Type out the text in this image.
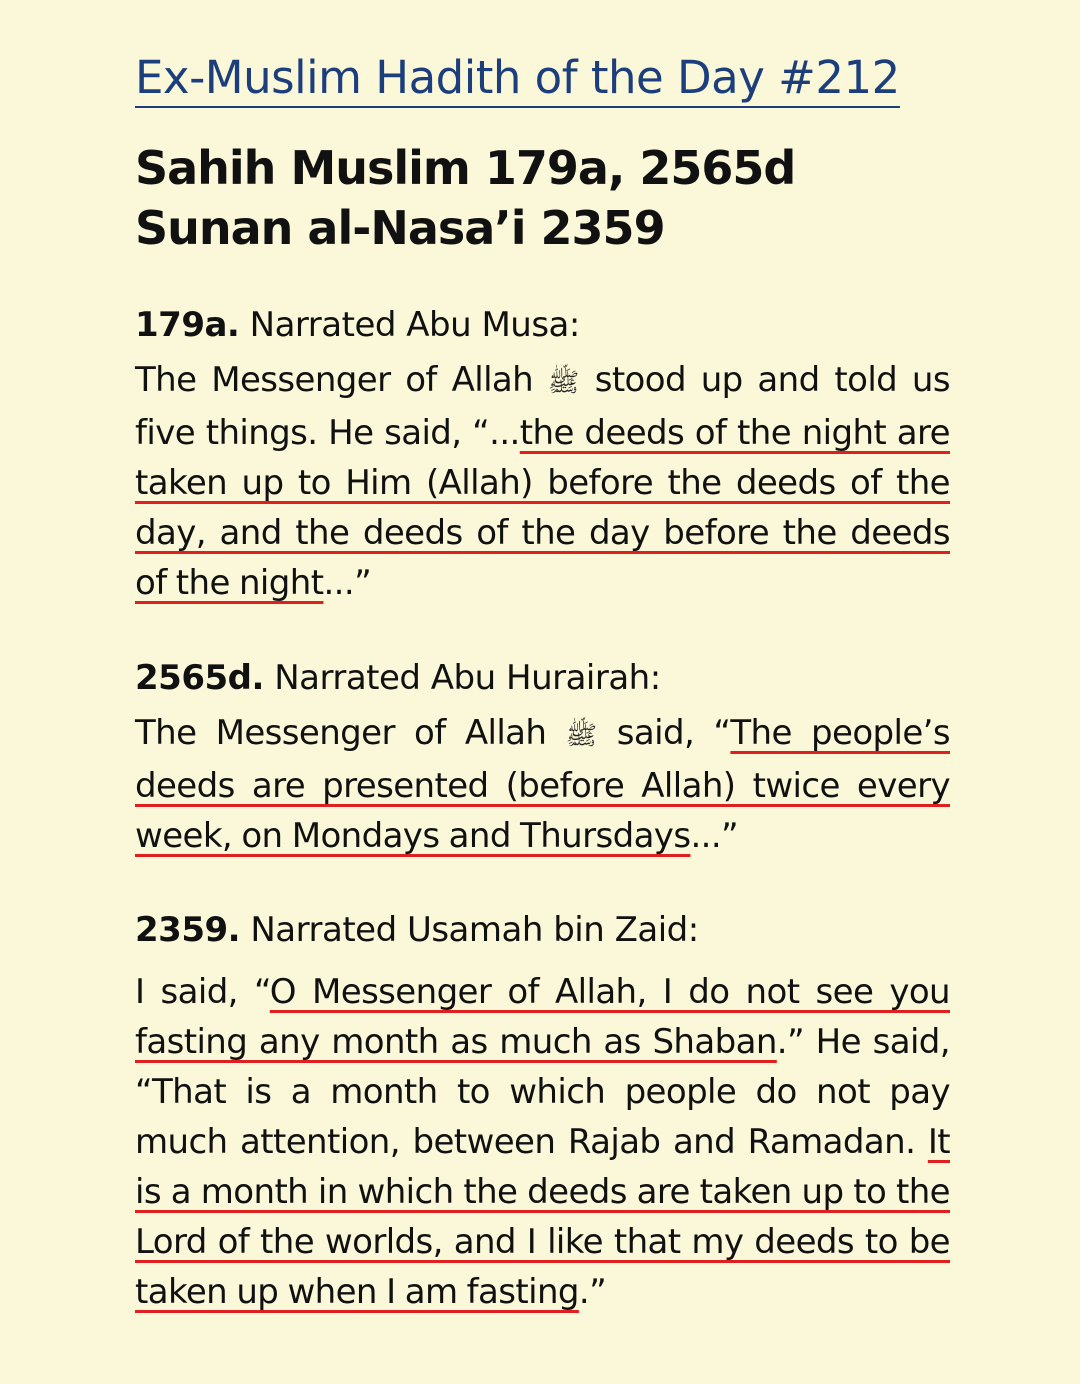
Ex-Muslim Hadith of the Day #212
Sahih Muslim 179a, 2565d
Sunan al-Nasa’i 2359
179a. Narrated Abu Musa:
The Messenger of Allah ﷺ stood up and told us five things. He said, “...the deeds of the night are taken up to Him (Allah) before the deeds of the day, and the deeds of the day before the deeds of the night...”
2565d. Narrated Abu Hurairah:
The Messenger of Allah ﷺ said, “The people’s deeds are presented (before Allah) twice every week, on Mondays and Thursdays...”
2359. Narrated Usamah bin Zaid:
I said, “O Messenger of Allah, I do not see you fasting any month as much as Shaban.” He said, “That is a month to which people do not pay much attention, between Rajab and Ramadan. It is a month in which the deeds are taken up to the Lord of the worlds, and I like that my deeds to be taken up when I am fasting.”
